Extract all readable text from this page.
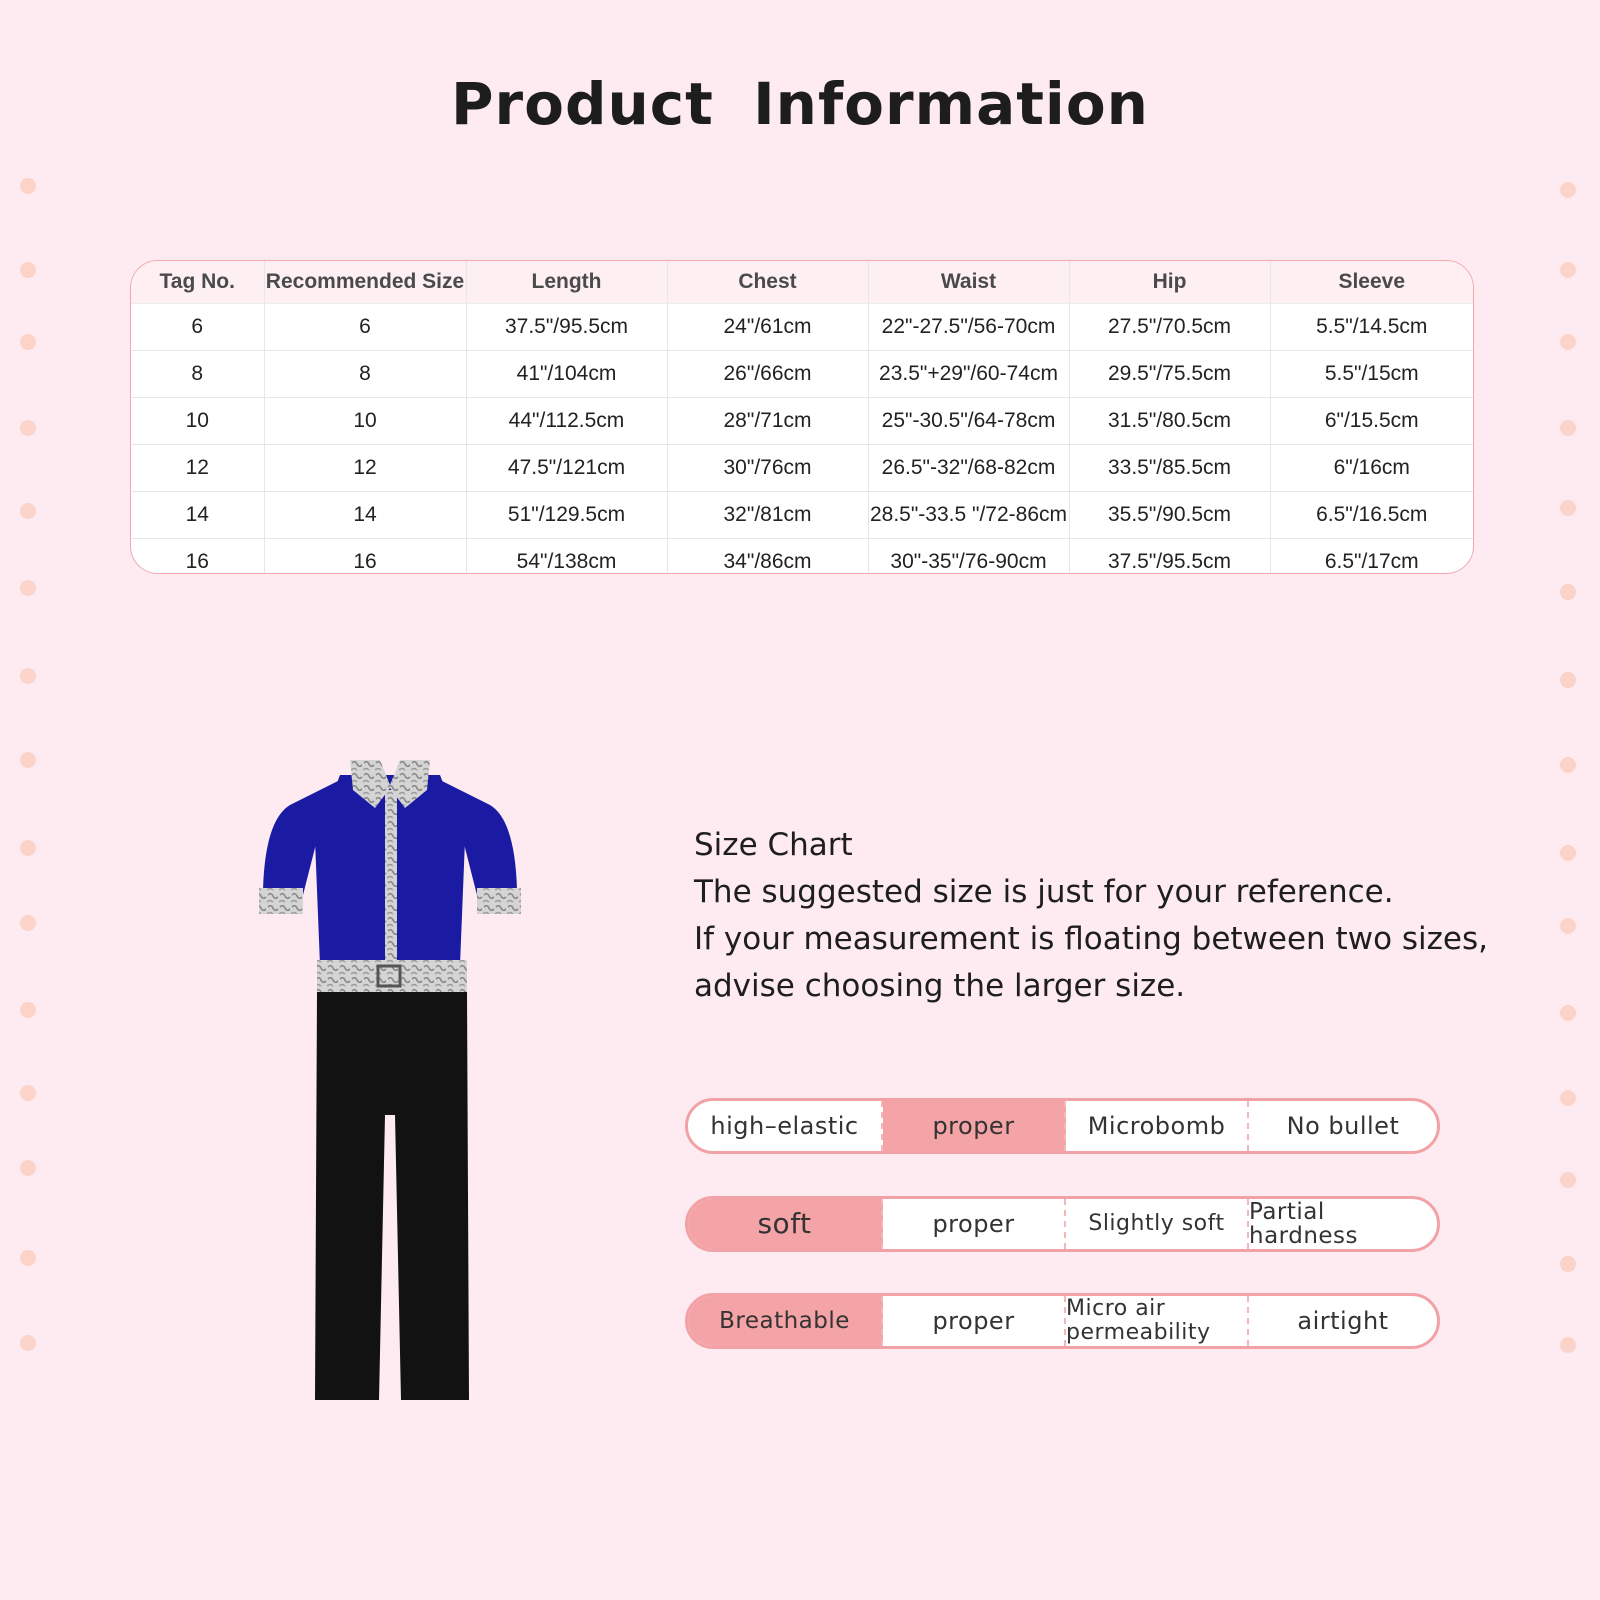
Product Information
Tag No.	Recommended Size	Length	Chest	Waist	Hip	Sleeve
6	6	37.5"/95.5cm	24"/61cm	22"-27.5"/56-70cm	27.5"/70.5cm	5.5"/14.5cm
8	8	41"/104cm	26"/66cm	23.5"+29"/60-74cm	29.5"/75.5cm	5.5"/15cm
10	10	44"/112.5cm	28"/71cm	25"-30.5"/64-78cm	31.5"/80.5cm	6"/15.5cm
12	12	47.5"/121cm	30"/76cm	26.5"-32"/68-82cm	33.5"/85.5cm	6"/16cm
14	14	51"/129.5cm	32"/81cm	28.5"-33.5 "/72-86cm	35.5"/90.5cm	6.5"/16.5cm
16	16	54"/138cm	34"/86cm	30"-35"/76-90cm	37.5"/95.5cm	6.5"/17cm
Size Chart
The suggested size is just for your reference.
If your measurement is floating between two sizes,
advise choosing the larger size.
high–elastic	proper	Microbomb	No bullet
soft	proper	Slightly soft	Partial hardness
Breathable	proper	Micro air permeability	airtight
